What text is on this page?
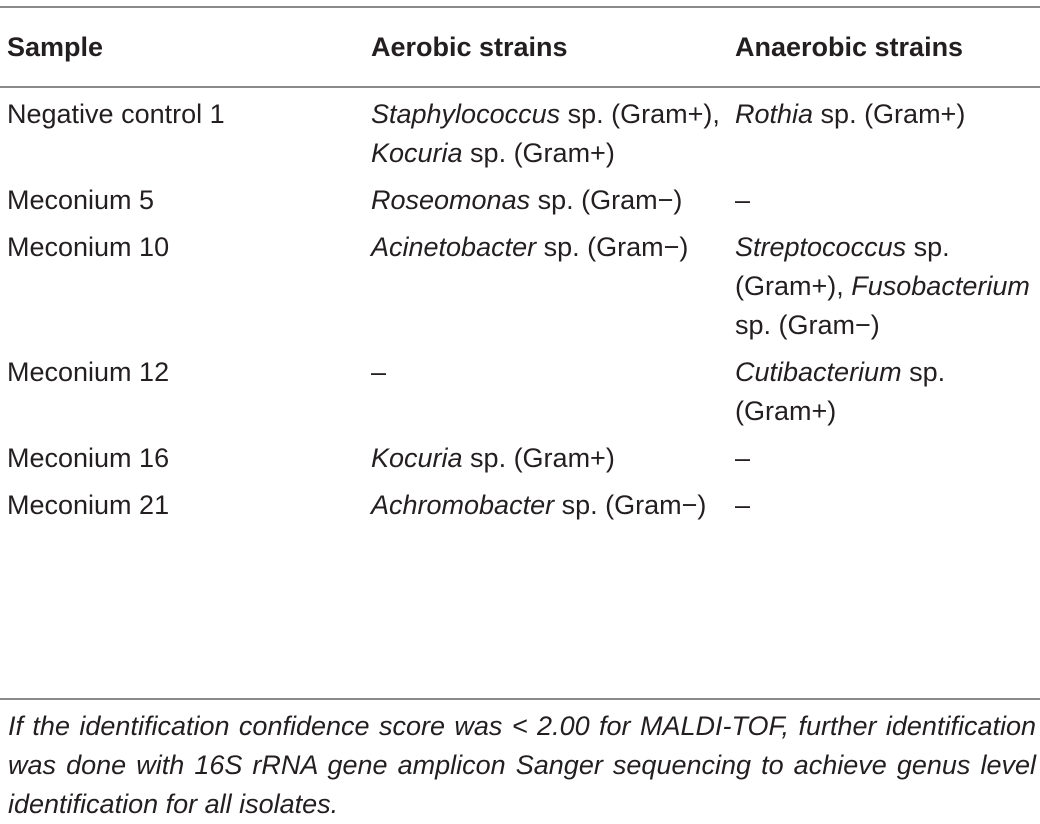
Sample	Aerobic strains	Anaerobic strains
Negative control 1	Staphylococcus sp. (Gram+), Kocuria sp. (Gram+)	Rothia sp. (Gram+)
Meconium 5	Roseomonas sp. (Gram−)	–
Meconium 10	Acinetobacter sp. (Gram−)	Streptococcus sp. (Gram+), Fusobacterium sp. (Gram−)
Meconium 12	–	Cutibacterium sp. (Gram+)
Meconium 16	Kocuria sp. (Gram+)	–
Meconium 21	Achromobacter sp. (Gram−)	–
If the identification confidence score was < 2.00 for MALDI-TOF, further identification was done with 16S rRNA gene amplicon Sanger sequencing to achieve genus level identification for all isolates.
